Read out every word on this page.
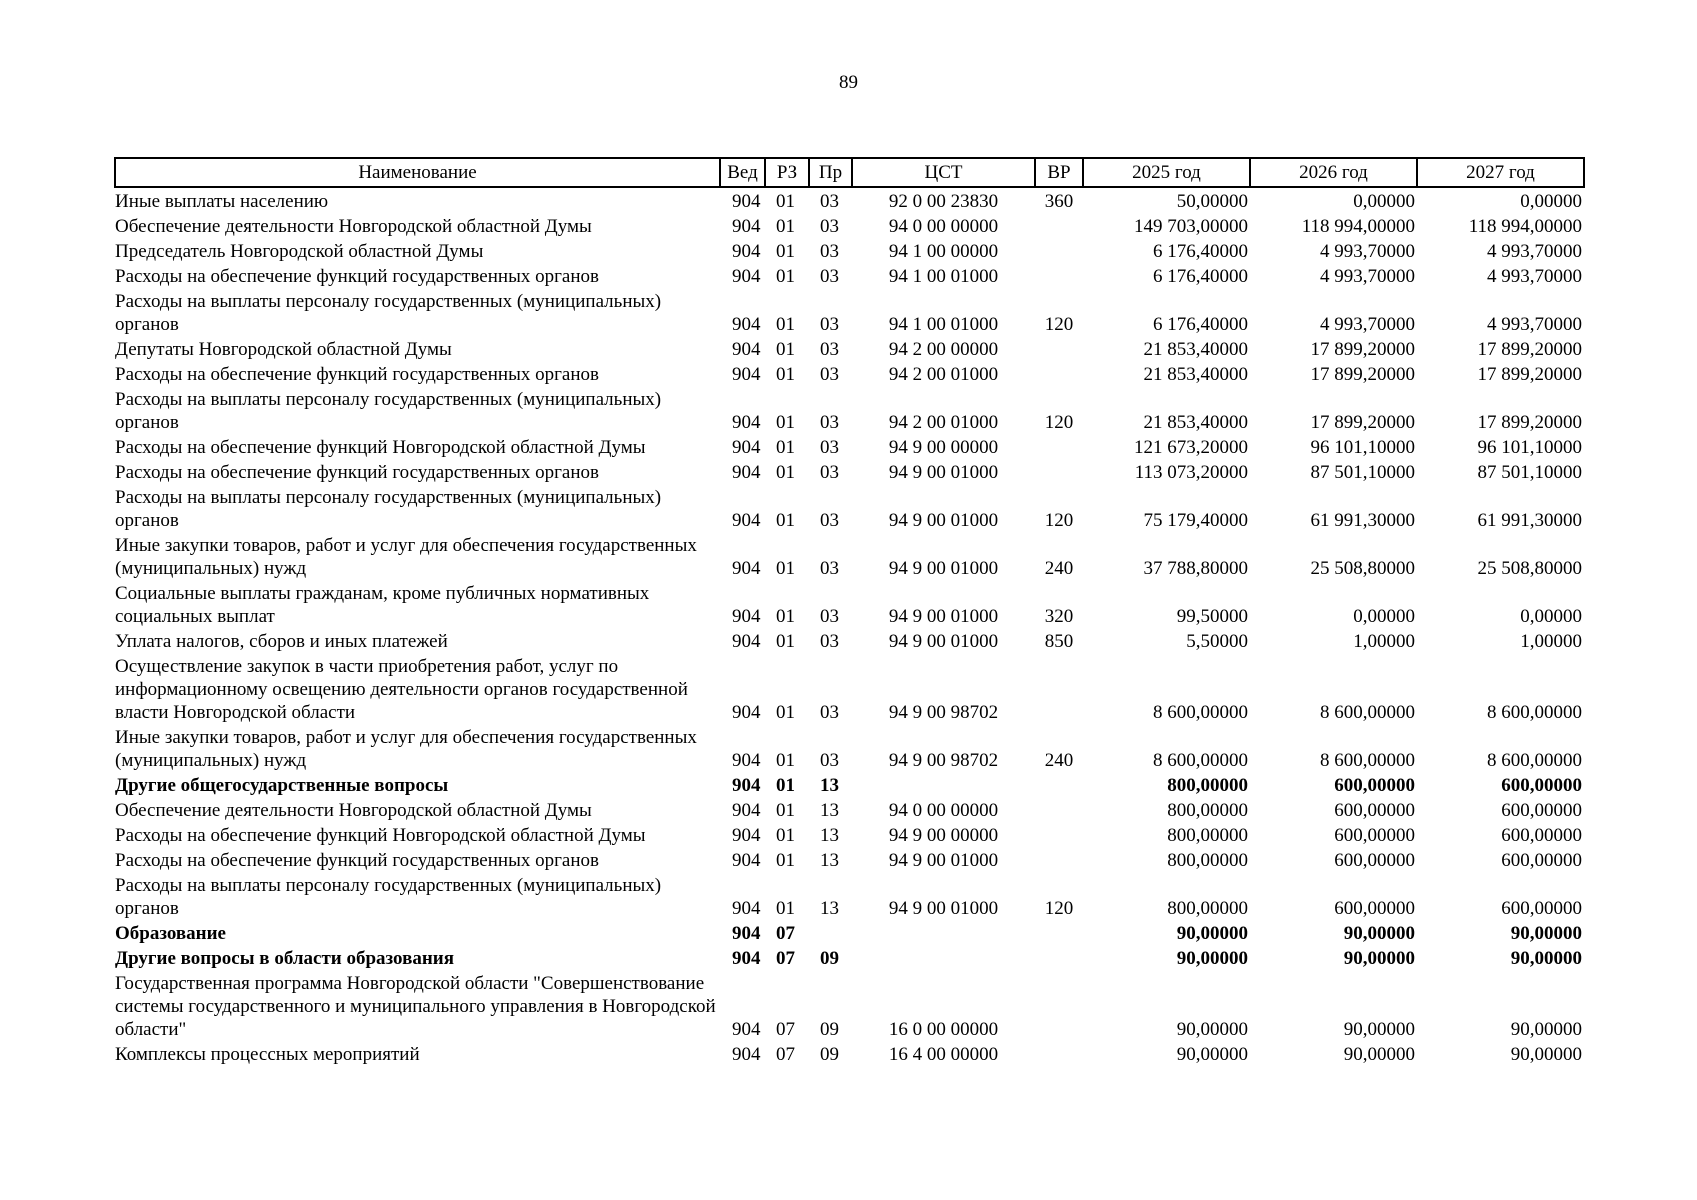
89
Наименование	Вед	РЗ	Пр	ЦСТ	ВР	2025 год	2026 год	2027 год
Иные выплаты населению	904	01	03	92 0 00 23830	360	50,00000	0,00000	0,00000
Обеспечение деятельности Новгородской областной Думы	904	01	03	94 0 00 00000		149 703,00000	118 994,00000	118 994,00000
Председатель Новгородской областной Думы	904	01	03	94 1 00 00000		6 176,40000	4 993,70000	4 993,70000
Расходы на обеспечение функций государственных органов	904	01	03	94 1 00 01000		6 176,40000	4 993,70000	4 993,70000
Расходы на выплаты персоналу государственных (муниципальных) органов	904	01	03	94 1 00 01000	120	6 176,40000	4 993,70000	4 993,70000
Депутаты Новгородской областной Думы	904	01	03	94 2 00 00000		21 853,40000	17 899,20000	17 899,20000
Расходы на обеспечение функций государственных органов	904	01	03	94 2 00 01000		21 853,40000	17 899,20000	17 899,20000
Расходы на выплаты персоналу государственных (муниципальных) органов	904	01	03	94 2 00 01000	120	21 853,40000	17 899,20000	17 899,20000
Расходы на обеспечение функций Новгородской областной Думы	904	01	03	94 9 00 00000		121 673,20000	96 101,10000	96 101,10000
Расходы на обеспечение функций государственных органов	904	01	03	94 9 00 01000		113 073,20000	87 501,10000	87 501,10000
Расходы на выплаты персоналу государственных (муниципальных) органов	904	01	03	94 9 00 01000	120	75 179,40000	61 991,30000	61 991,30000
Иные закупки товаров, работ и услуг для обеспечения государственных (муниципальных) нужд	904	01	03	94 9 00 01000	240	37 788,80000	25 508,80000	25 508,80000
Социальные выплаты гражданам, кроме публичных нормативных социальных выплат	904	01	03	94 9 00 01000	320	99,50000	0,00000	0,00000
Уплата налогов, сборов и иных платежей	904	01	03	94 9 00 01000	850	5,50000	1,00000	1,00000
Осуществление закупок в части приобретения работ, услуг по информационному освещению деятельности органов государственной власти Новгородской области	904	01	03	94 9 00 98702		8 600,00000	8 600,00000	8 600,00000
Иные закупки товаров, работ и услуг для обеспечения государственных (муниципальных) нужд	904	01	03	94 9 00 98702	240	8 600,00000	8 600,00000	8 600,00000
Другие общегосударственные вопросы	904	01	13			800,00000	600,00000	600,00000
Обеспечение деятельности Новгородской областной Думы	904	01	13	94 0 00 00000		800,00000	600,00000	600,00000
Расходы на обеспечение функций Новгородской областной Думы	904	01	13	94 9 00 00000		800,00000	600,00000	600,00000
Расходы на обеспечение функций государственных органов	904	01	13	94 9 00 01000		800,00000	600,00000	600,00000
Расходы на выплаты персоналу государственных (муниципальных) органов	904	01	13	94 9 00 01000	120	800,00000	600,00000	600,00000
Образование	904	07				90,00000	90,00000	90,00000
Другие вопросы в области образования	904	07	09			90,00000	90,00000	90,00000
Государственная программа Новгородской области "Совершенствование системы государственного и муниципального управления в Новгородской области"	904	07	09	16 0 00 00000		90,00000	90,00000	90,00000
Комплексы процессных мероприятий	904	07	09	16 4 00 00000		90,00000	90,00000	90,00000
